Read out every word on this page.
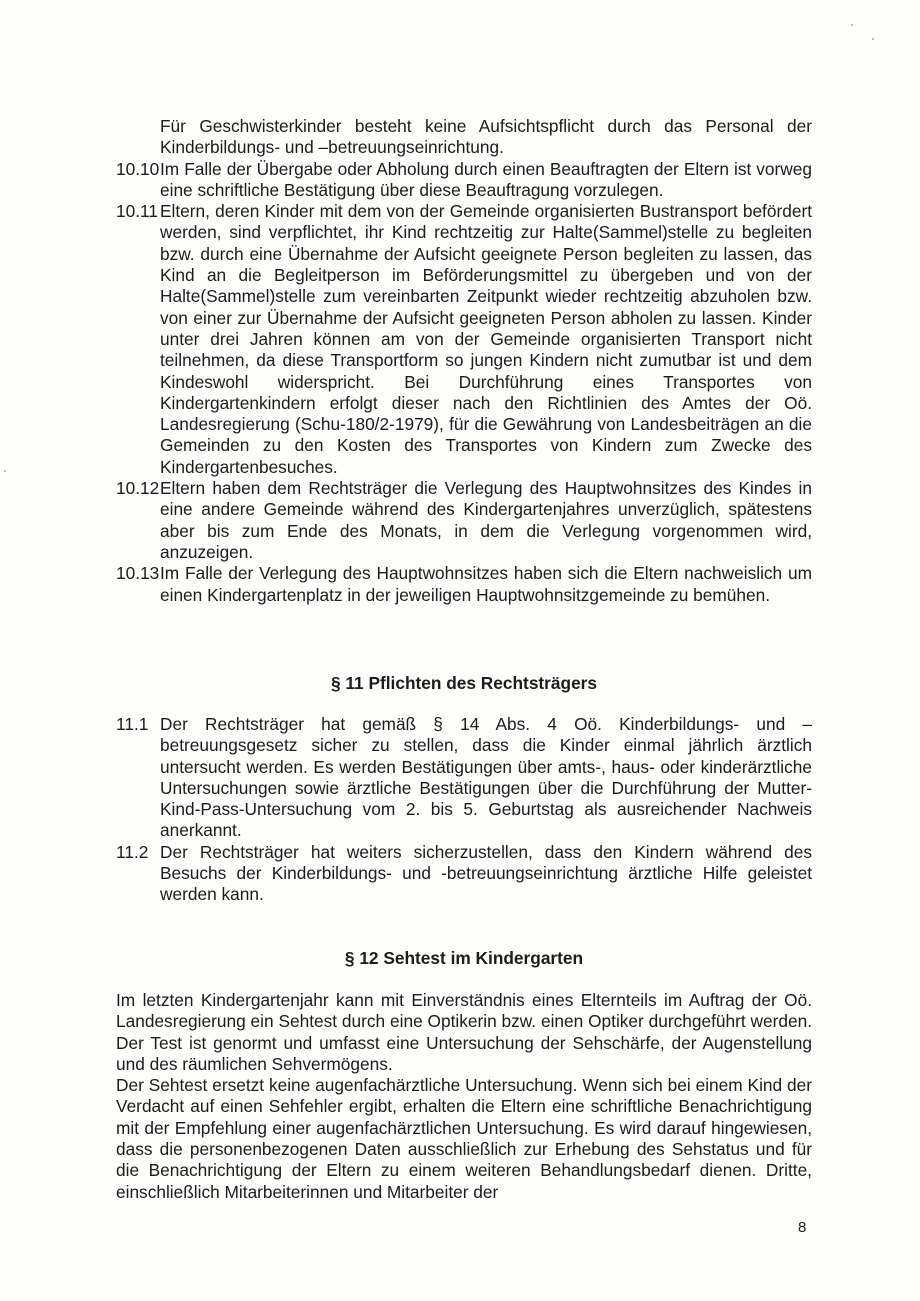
Für Geschwisterkinder besteht keine Aufsichtspflicht durch das Personal der Kinderbildungs- und –betreuungseinrichtung.

10.10 Im Falle der Übergabe oder Abholung durch einen Beauftragten der Eltern ist vorweg eine schriftliche Bestätigung über diese Beauftragung vorzulegen.

10.11 Eltern, deren Kinder mit dem von der Gemeinde organisierten Bustransport befördert werden, sind verpflichtet, ihr Kind rechtzeitig zur Halte(Sammel)stelle zu begleiten bzw. durch eine Übernahme der Aufsicht geeignete Person begleiten zu lassen, das Kind an die Begleitperson im Beförderungsmittel zu übergeben und von der Halte(Sammel)stelle zum vereinbarten Zeitpunkt wieder rechtzeitig abzuholen bzw. von einer zur Übernahme der Aufsicht geeigneten Person abholen zu lassen. Kinder unter drei Jahren können am von der Gemeinde organisierten Transport nicht teilnehmen, da diese Transportform so jungen Kindern nicht zumutbar ist und dem Kindeswohl widerspricht. Bei Durchführung eines Transportes von Kindergartenkindern erfolgt dieser nach den Richtlinien des Amtes der Oö. Landesregierung (Schu-180/2-1979), für die Gewährung von Landesbeiträgen an die Gemeinden zu den Kosten des Transportes von Kindern zum Zwecke des Kindergartenbesuches.

10.12 Eltern haben dem Rechtsträger die Verlegung des Hauptwohnsitzes des Kindes in eine andere Gemeinde während des Kindergartenjahres unverzüglich, spätestens aber bis zum Ende des Monats, in dem die Verlegung vorgenommen wird, anzuzeigen.

10.13 Im Falle der Verlegung des Hauptwohnsitzes haben sich die Eltern nachweislich um einen Kindergartenplatz in der jeweiligen Hauptwohnsitzgemeinde zu bemühen.

§ 11 Pflichten des Rechtsträgers
11.1 Der Rechtsträger hat gemäß § 14 Abs. 4 Oö. Kinderbildungs- und –betreuungsgesetz sicher zu stellen, dass die Kinder einmal jährlich ärztlich untersucht werden. Es werden Bestätigungen über amts-, haus- oder kinderärztliche Untersuchungen sowie ärztliche Bestätigungen über die Durchführung der Mutter-Kind-Pass-Untersuchung vom 2. bis 5. Geburtstag als ausreichender Nachweis anerkannt.

11.2 Der Rechtsträger hat weiters sicherzustellen, dass den Kindern während des Besuchs der Kinderbildungs- und -betreuungseinrichtung ärztliche Hilfe geleistet werden kann.

§ 12 Sehtest im Kindergarten

Im letzten Kindergartenjahr kann mit Einverständnis eines Elternteils im Auftrag der Oö. Landesregierung ein Sehtest durch eine Optikerin bzw. einen Optiker durchgeführt werden. Der Test ist genormt und umfasst eine Untersuchung der Sehschärfe, der Augenstellung und des räumlichen Sehvermögens.

Der Sehtest ersetzt keine augenfachärztliche Untersuchung. Wenn sich bei einem Kind der Verdacht auf einen Sehfehler ergibt, erhalten die Eltern eine schriftliche Benachrichtigung mit der Empfehlung einer augenfachärztlichen Untersuchung. Es wird darauf hingewiesen, dass die personenbezogenen Daten ausschließlich zur Erhebung des Sehstatus und für die Benachrichtigung der Eltern zu einem weiteren Behandlungsbedarf dienen. Dritte, einschließlich Mitarbeiterinnen und Mitarbeiter der

8
